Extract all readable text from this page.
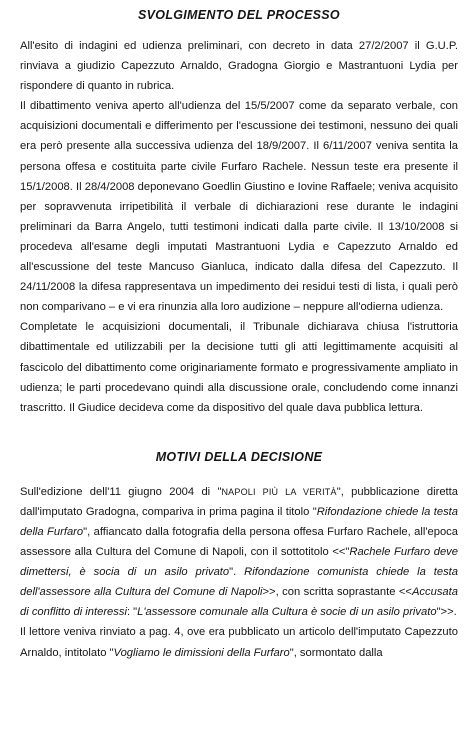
SVOLGIMENTO DEL PROCESSO

All'esito di indagini ed udienza preliminari, con decreto in data 27/2/2007 il G.U.P. rinviava a giudizio Capezzuto Arnaldo, Gradogna Giorgio e Mastrantuoni Lydia per rispondere di quanto in rubrica.

Il dibattimento veniva aperto all'udienza del 15/5/2007 come da separato verbale, con acquisizioni documentali e differimento per l'escussione dei testimoni, nessuno dei quali era però presente alla successiva udienza del 18/9/2007. Il 6/11/2007 veniva sentita la persona offesa e costituita parte civile Furfaro Rachele. Nessun teste era presente il 15/1/2008. Il 28/4/2008 deponevano Goedlin Giustino e Iovine Raffaele; veniva acquisito per sopravvenuta irripetibilità il verbale di dichiarazioni rese durante le indagini preliminari da Barra Angelo, tutti testimoni indicati dalla parte civile. Il 13/10/2008 si procedeva all'esame degli imputati Mastrantuoni Lydia e Capezzuto Arnaldo ed all'escussione del teste Mancuso Gianluca, indicato dalla difesa del Capezzuto. Il 24/11/2008 la difesa rappresentava un impedimento dei residui testi di lista, i quali però non comparivano – e vi era rinunzia alla loro audizione – neppure all'odierna udienza.

Completate le acquisizioni documentali, il Tribunale dichiarava chiusa l'istruttoria dibattimentale ed utilizzabili per la decisione tutti gli atti legittimamente acquisiti al fascicolo del dibattimento come originariamente formato e progressivamente ampliato in udienza; le parti procedevano quindi alla discussione orale, concludendo come innanzi trascritto. Il Giudice decideva come da dispositivo del quale dava pubblica lettura.

MOTIVI DELLA DECISIONE

Sull'edizione dell'11 giugno 2004 di "NAPOLI PIÙ LA VERITÀ", pubblicazione diretta dall'imputato Gradogna, compariva in prima pagina il titolo "Rifondazione chiede la testa della Furfaro", affiancato dalla fotografia della persona offesa Furfaro Rachele, all'epoca assessore alla Cultura del Comune di Napoli, con il sottotitolo <<"Rachele Furfaro deve dimettersi, è socia di un asilo privato". Rifondazione comunista chiede la testa dell'assessore alla Cultura del Comune di Napoli>>, con scritta soprastante <<Accusata di conflitto di interessi: "L'assessore comunale alla Cultura è socie di un asilo privato">>.

Il lettore veniva rinviato a pag. 4, ove era pubblicato un articolo dell'imputato Capezzuto Arnaldo, intitolato "Vogliamo le dimissioni della Furfaro", sormontato dalla
